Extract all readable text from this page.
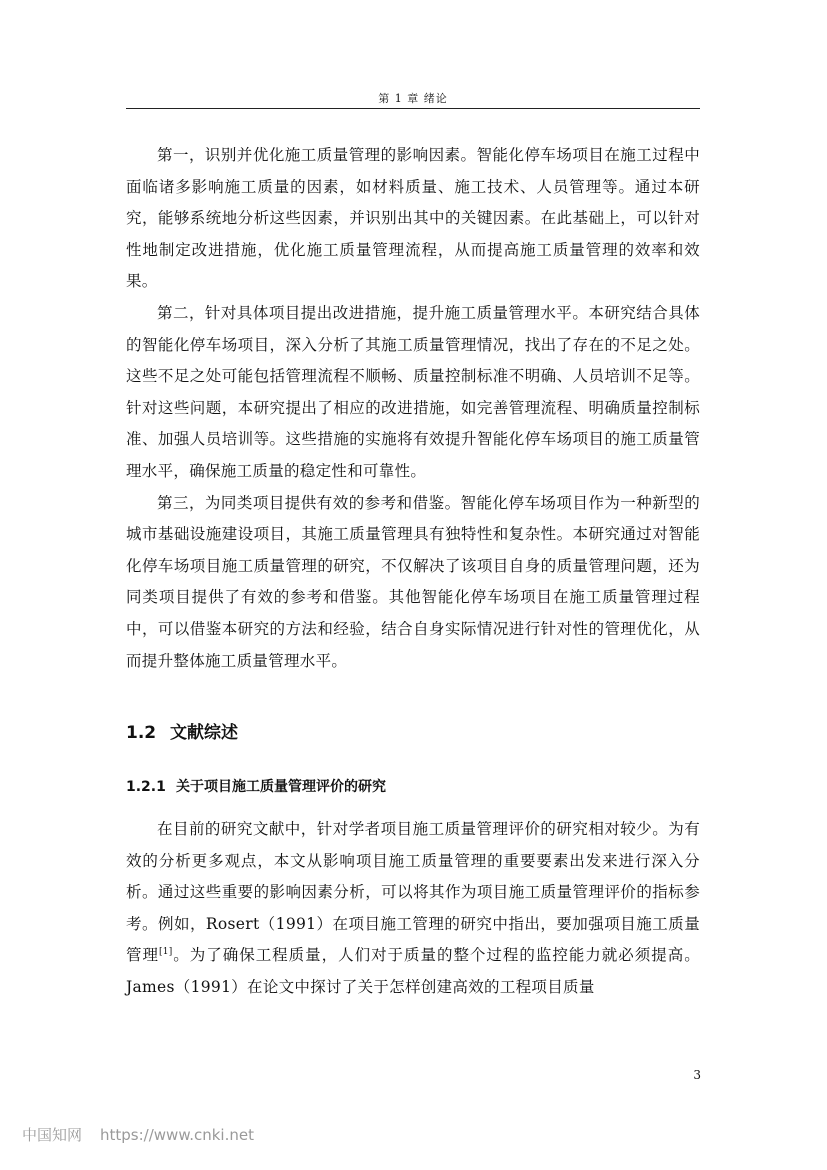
第 1 章 绪论

第一，识别并优化施工质量管理的影响因素。智能化停车场项目在施工过程中面临诸多影响施工质量的因素，如材料质量、施工技术、人员管理等。通过本研究，能够系统地分析这些因素，并识别出其中的关键因素。在此基础上，可以针对性地制定改进措施，优化施工质量管理流程，从而提高施工质量管理的效率和效果。

第二，针对具体项目提出改进措施，提升施工质量管理水平。本研究结合具体的智能化停车场项目，深入分析了其施工质量管理情况，找出了存在的不足之处。这些不足之处可能包括管理流程不顺畅、质量控制标准不明确、人员培训不足等。针对这些问题，本研究提出了相应的改进措施，如完善管理流程、明确质量控制标准、加强人员培训等。这些措施的实施将有效提升智能化停车场项目的施工质量管理水平，确保施工质量的稳定性和可靠性。

第三，为同类项目提供有效的参考和借鉴。智能化停车场项目作为一种新型的城市基础设施建设项目，其施工质量管理具有独特性和复杂性。本研究通过对智能化停车场项目施工质量管理的研究，不仅解决了该项目自身的质量管理问题，还为同类项目提供了有效的参考和借鉴。其他智能化停车场项目在施工质量管理过程中，可以借鉴本研究的方法和经验，结合自身实际情况进行针对性的管理优化，从而提升整体施工质量管理水平。

1.2 文献综述
1.2.1 关于项目施工质量管理评价的研究

在目前的研究文献中，针对学者项目施工质量管理评价的研究相对较少。为有效的分析更多观点，本文从影响项目施工质量管理的重要要素出发来进行深入分析。通过这些重要的影响因素分析，可以将其作为项目施工质量管理评价的指标参考。例如，Rosert（1991）在项目施工管理的研究中指出，要加强项目施工质量管理[1]。为了确保工程质量，人们对于质量的整个过程的监控能力就必须提高。James（1991）在论文中探讨了关于怎样创建高效的工程项目质量

3
中国知网 https://www.cnki.net
